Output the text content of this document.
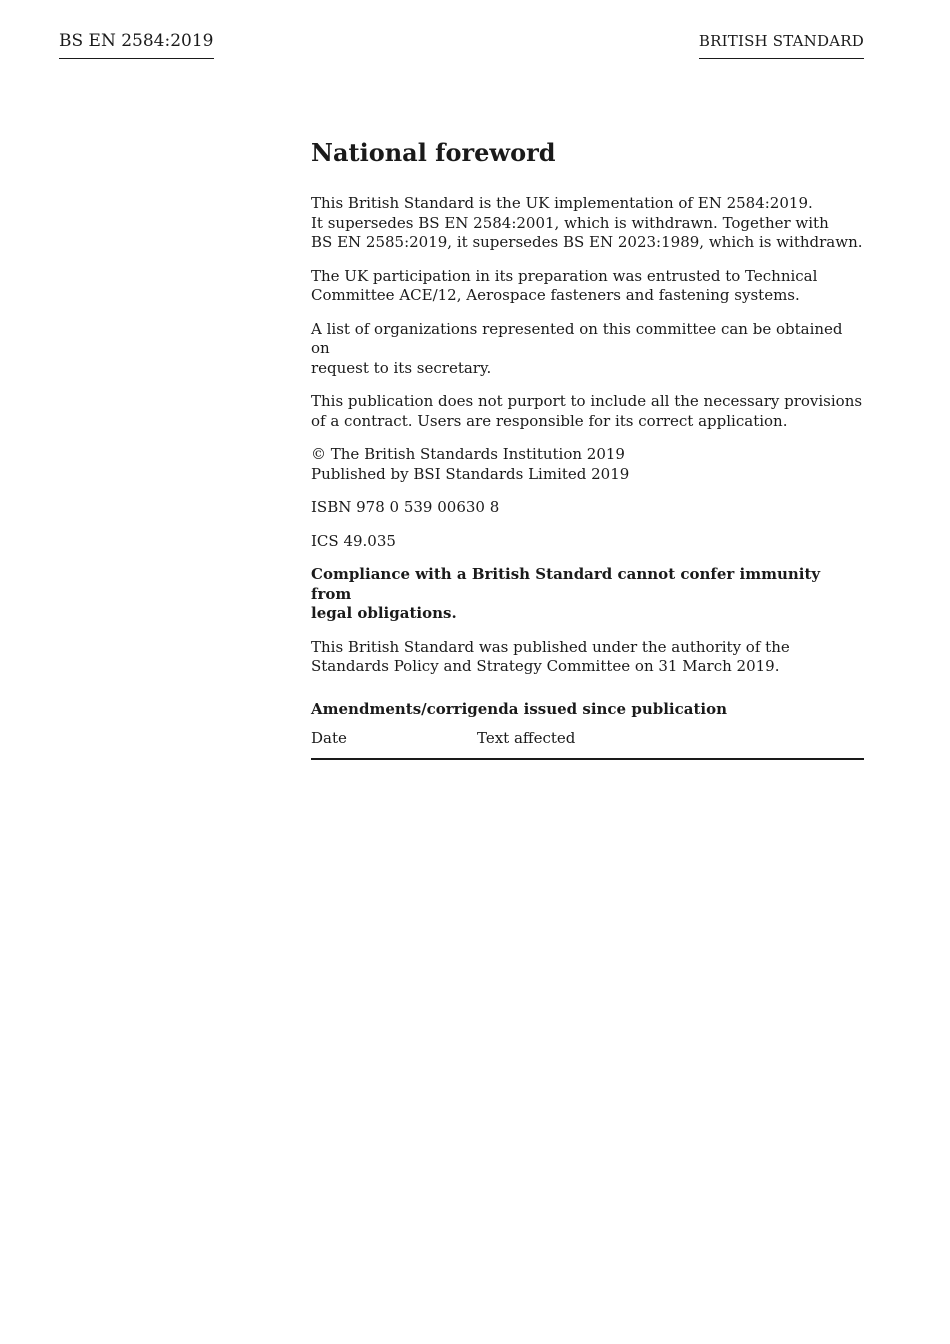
BS EN 2584:2019	BRITISH STANDARD
National foreword

This British Standard is the UK implementation of EN 2584:2019.
It supersedes BS EN 2584:2001, which is withdrawn. Together with
BS EN 2585:2019, it supersedes BS EN 2023:1989, which is withdrawn.

The UK participation in its preparation was entrusted to Technical
Committee ACE/12, Aerospace fasteners and fastening systems.

A list of organizations represented on this committee can be obtained on
request to its secretary.

This publication does not purport to include all the necessary provisions
of a contract. Users are responsible for its correct application.

© The British Standards Institution 2019
Published by BSI Standards Limited 2019

ISBN 978 0 539 00630 8

ICS 49.035

Compliance with a British Standard cannot confer immunity from
legal obligations.

This British Standard was published under the authority of the
Standards Policy and Strategy Committee on 31 March 2019.

Amendments/corrigenda issued since publication
Date	Text affected
